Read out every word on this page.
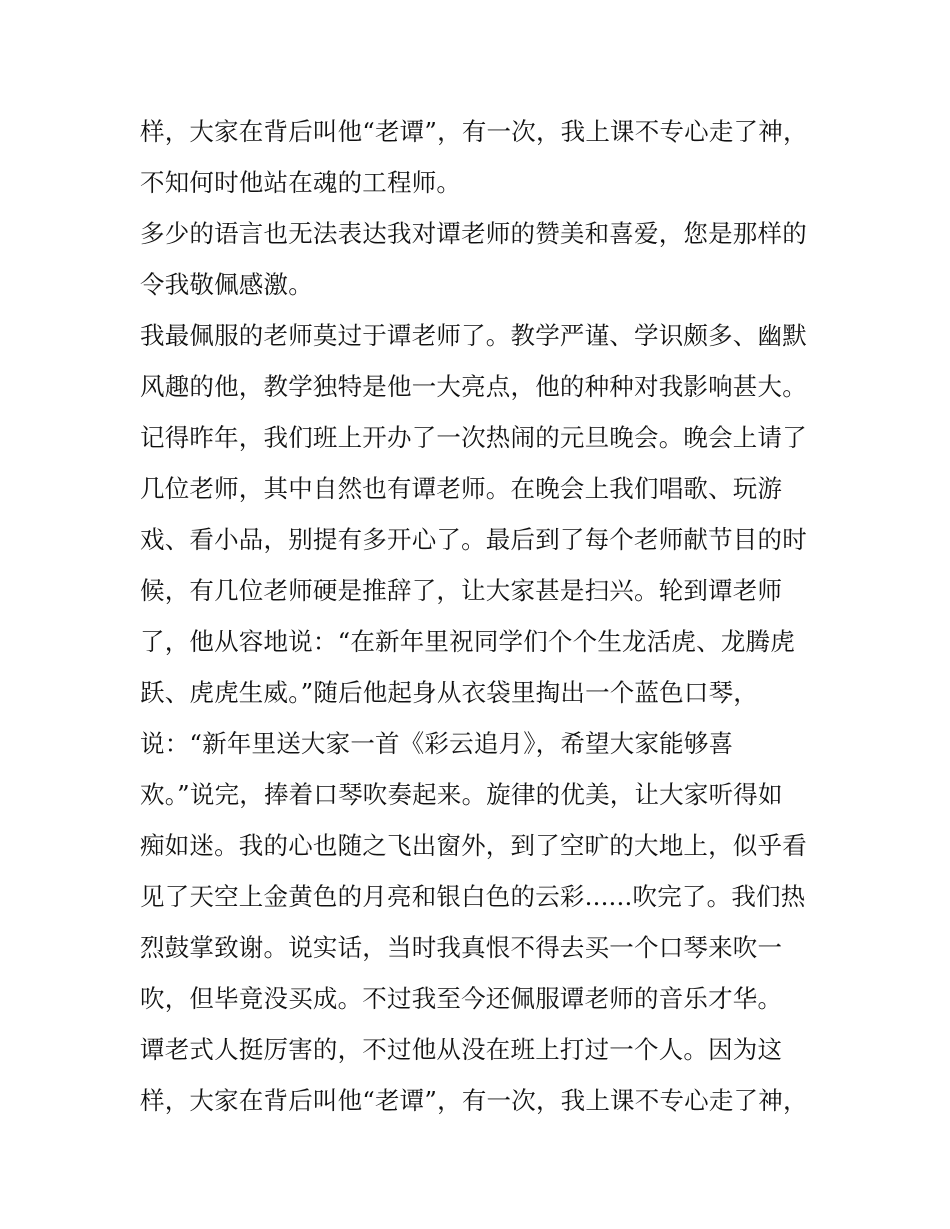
样，大家在背后叫他“老谭”，有一次，我上课不专心走了神，
不知何时他站在魂的工程师。
多少的语言也无法表达我对谭老师的赞美和喜爱，您是那样的
令我敬佩感激。
我最佩服的老师莫过于谭老师了。教学严谨、学识颇多、幽默
风趣的他，教学独特是他一大亮点，他的种种对我影响甚大。
记得昨年，我们班上开办了一次热闹的元旦晚会。晚会上请了
几位老师，其中自然也有谭老师。在晚会上我们唱歌、玩游
戏、看小品，别提有多开心了。最后到了每个老师献节目的时
候，有几位老师硬是推辞了，让大家甚是扫兴。轮到谭老师
了，他从容地说：“在新年里祝同学们个个生龙活虎、龙腾虎
跃、虎虎生威。”随后他起身从衣袋里掏出一个蓝色口琴，
说：“新年里送大家一首《彩云追月》，希望大家能够喜
欢。”说完，捧着口琴吹奏起来。旋律的优美，让大家听得如
痴如迷。我的心也随之飞出窗外，到了空旷的大地上，似乎看
见了天空上金黄色的月亮和银白色的云彩......吹完了。我们热
烈鼓掌致谢。说实话，当时我真恨不得去买一个口琴来吹一
吹，但毕竟没买成。不过我至今还佩服谭老师的音乐才华。
谭老式人挺厉害的，不过他从没在班上打过一个人。因为这
样，大家在背后叫他“老谭”，有一次，我上课不专心走了神，
